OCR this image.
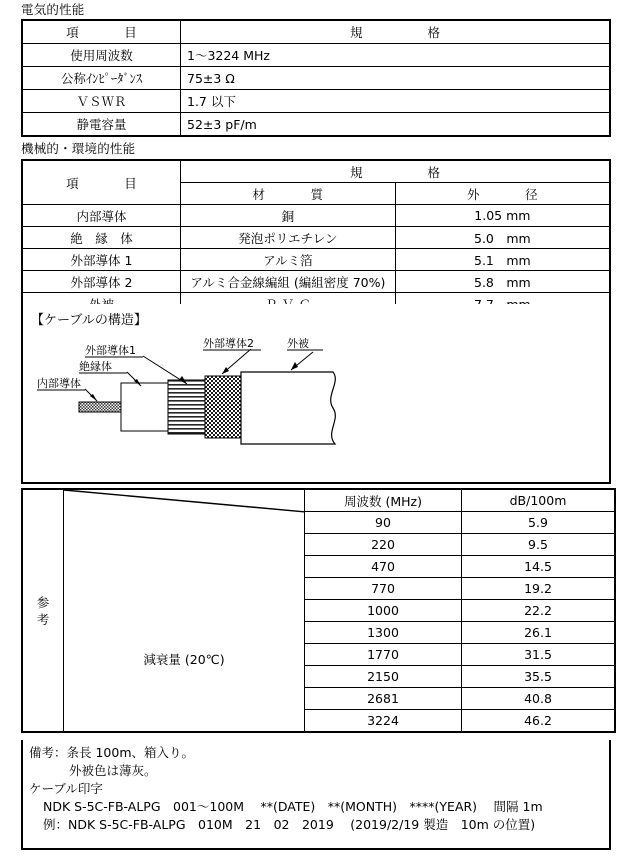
電気的性能
項　　目	規　　　格
使用周波数	1〜3224 MHz
公称ｲﾝﾋﾟｰﾀﾞﾝｽ	75±3 Ω
ＶＳＷＲ	1.7 以下
静電容量	52±3 pF/m
機械的・環境的性能
項　　目	規　　　格	
	材　　質	外　　径
内部導体	銅	1.05 mm
絶　縁　体	発泡ポリエチレン	5.0　mm
外部導体 1	アルミ箔	5.1　mm
外部導体 2	アルミ合金線編組 (編組密度 70%)	5.8　mm

【ケーブルの構造】
内部導体
絶縁体
外部導体1
外部導体2	外被
参
考	減衰量 (20℃)	周波数 (MHz)	dB/100m
		90	5.9
		220	9.5
		470	14.5
		770	19.2
		1000	22.2
		1300	26.1
		1770	31.5
		2150	35.5
		2681	40.8
		3224	46.2
備考：条長 100m、箱入り。
外被色は薄灰。
ケーブル印字
NDK S-5C-FB-ALPG　001〜100M　 **(DATE)　**(MONTH)　****(YEAR)　 間隔 1m
例：NDK S-5C-FB-ALPG　010M　21　02　2019　 (2019/2/19 製造　10m の位置)
